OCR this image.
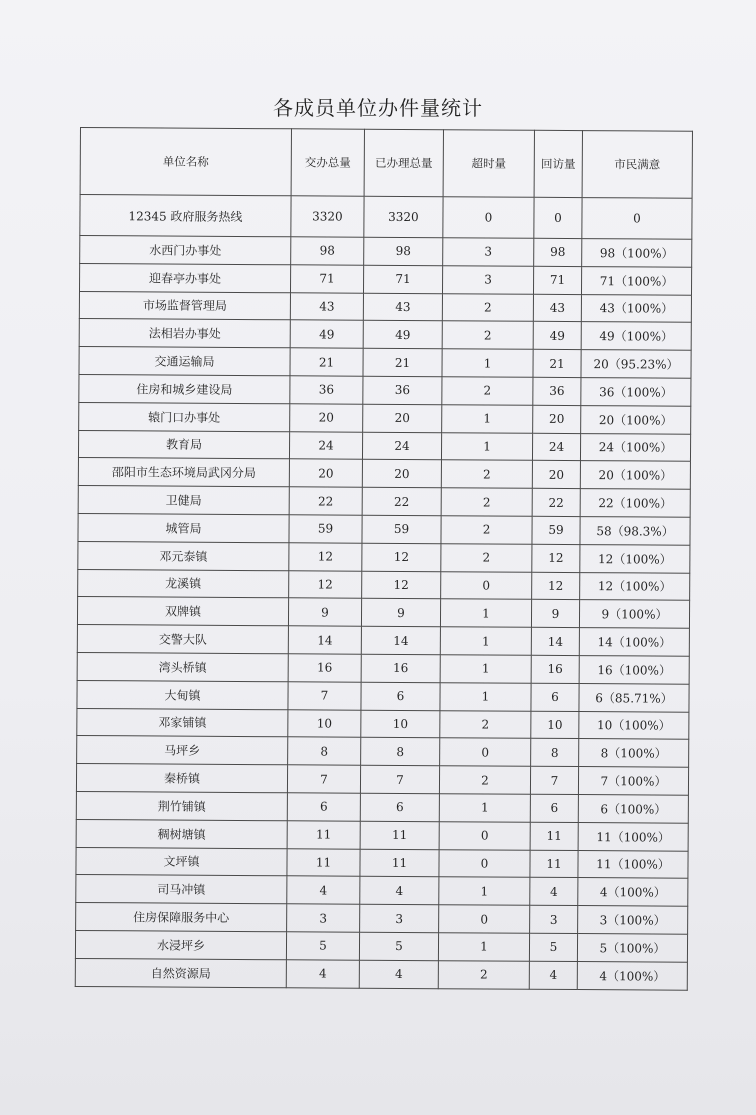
各成员单位办件量统计
单位名称	交办总量	已办理总量	超时量	回访量	市民满意
12345 政府服务热线	3320	3320	0	0	0
水西门办事处	98	98	3	98	98（100%）
迎春亭办事处	71	71	3	71	71（100%）
市场监督管理局	43	43	2	43	43（100%）
法相岩办事处	49	49	2	49	49（100%）
交通运输局	21	21	1	21	20（95.23%）
住房和城乡建设局	36	36	2	36	36（100%）
辕门口办事处	20	20	1	20	20（100%）
教育局	24	24	1	24	24（100%）
邵阳市生态环境局武冈分局	20	20	2	20	20（100%）
卫健局	22	22	2	22	22（100%）
城管局	59	59	2	59	58（98.3%）
邓元泰镇	12	12	2	12	12（100%）
龙溪镇	12	12	0	12	12（100%）
双牌镇	9	9	1	9	9（100%）
交警大队	14	14	1	14	14（100%）
湾头桥镇	16	16	1	16	16（100%）
大甸镇	7	6	1	6	6（85.71%）
邓家铺镇	10	10	2	10	10（100%）
马坪乡	8	8	0	8	8（100%）
秦桥镇	7	7	2	7	7（100%）
荆竹铺镇	6	6	1	6	6（100%）
稠树塘镇	11	11	0	11	11（100%）
文坪镇	11	11	0	11	11（100%）
司马冲镇	4	4	1	4	4（100%）
住房保障服务中心	3	3	0	3	3（100%）
水浸坪乡	5	5	1	5	5（100%）
自然资源局	4	4	2	4	4（100%）
